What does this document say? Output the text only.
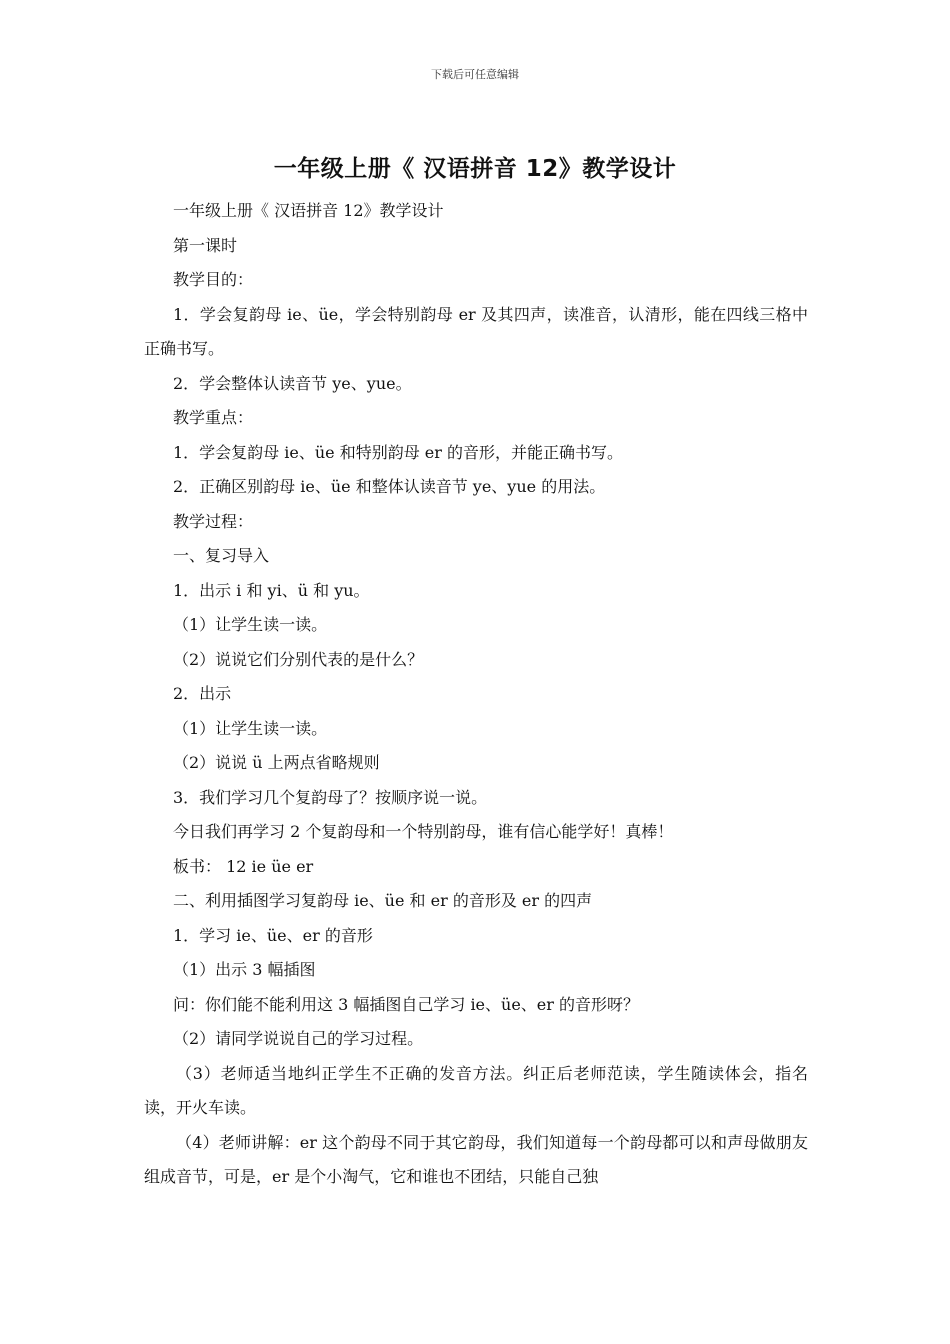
下载后可任意编辑
一年级上册《 汉语拼音 12》教学设计

一年级上册《 汉语拼音 12》教学设计

第一课时

教学目的：

1．学会复韵母 ie、üe，学会特别韵母 er 及其四声，读准音，认清形，能在四线三格中正确书写。

2．学会整体认读音节 ye、yue。

教学重点：

1．学会复韵母 ie、üe 和特别韵母 er 的音形，并能正确书写。

2．正确区别韵母 ie、üe 和整体认读音节 ye、yue 的用法。

教学过程：

一、复习导入

1．出示 i 和 yi、ü 和 yu。

（1）让学生读一读。

（2）说说它们分别代表的是什么？

2．出示

（1）让学生读一读。

（2）说说 ü 上两点省略规则

3．我们学习几个复韵母了？按顺序说一说。

今日我们再学习 2 个复韵母和一个特别韵母，谁有信心能学好！真棒！

板书： 12 ie üe er

二、利用插图学习复韵母 ie、üe 和 er 的音形及 er 的四声

1．学习 ie、üe、er 的音形

（1）出示 3 幅插图

问：你们能不能利用这 3 幅插图自己学习 ie、üe、er 的音形呀？

（2）请同学说说自己的学习过程。

（3）老师适当地纠正学生不正确的发音方法。纠正后老师范读，学生随读体会，指名读，开火车读。

（4）老师讲解：er 这个韵母不同于其它韵母，我们知道每一个韵母都可以和声母做朋友组成音节，可是，er 是个小淘气，它和谁也不团结，只能自己独
